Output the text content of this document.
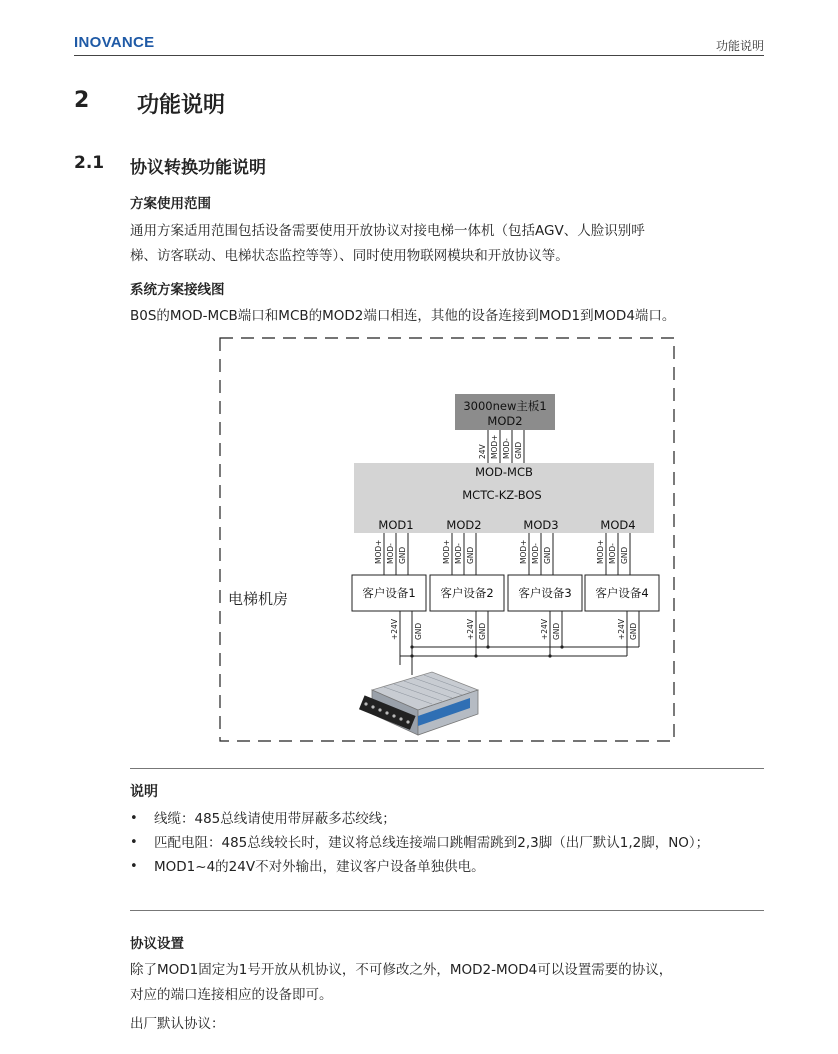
INOVANCE	功能说明
2 功能说明
2.1 协议转换功能说明
方案使用范围
通用方案适用范围包括设备需要使用开放协议对接电梯一体机（包括AGV、人脸识别呼
梯、访客联动、电梯状态监控等等）、同时使用物联网模块和开放协议等。
系统方案接线图
B0S的MOD-MCB端口和MCB的MOD2端口相连，其他的设备连接到MOD1到MOD4端口。
电梯机房
3000new主板1
MOD2
24V MOD+ MOD- GND
MOD-MCB
MCTC-KZ-BOS
MOD1	MOD2	MOD3	MOD4
MOD+ MOD- GND	MOD+ MOD- GND	MOD+ MOD- GND	MOD+ MOD- GND
客户设备1 客户设备2 客户设备3 客户设备4
+24V GND	+24V GND	+24V GND	+24V GND
说明
• 线缆：485总线请使用带屏蔽多芯绞线；
• 匹配电阻：485总线较长时，建议将总线连接端口跳帽需跳到2,3脚（出厂默认1,2脚，NO）；
• MOD1~4的24V不对外输出，建议客户设备单独供电。
协议设置
除了MOD1固定为1号开放从机协议，不可修改之外，MOD2-MOD4可以设置需要的协议，
对应的端口连接相应的设备即可。
出厂默认协议：
